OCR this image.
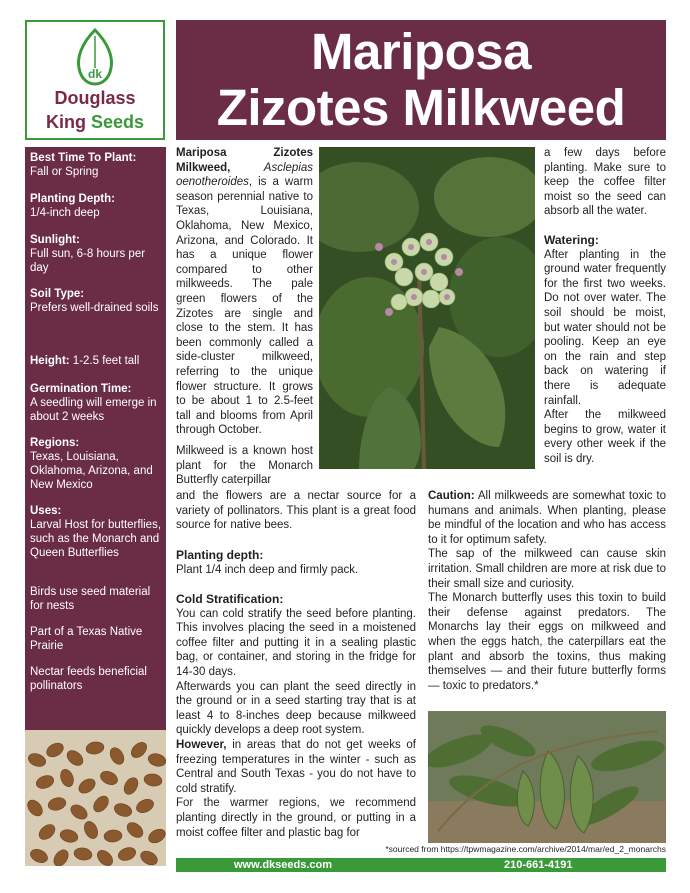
dk
Douglass
King Seeds
Mariposa
Zizotes Milkweed
Best Time To Plant:
Fall or Spring
Planting Depth:
1/4-inch deep
Sunlight:
Full sun, 6-8 hours per day
Soil Type:
Prefers well-drained soils
Height: 1-2.5 feet tall
Germination Time:
A seedling will emerge in about 2 weeks
Regions:
Texas, Louisiana, Oklahoma, Arizona, and New Mexico
Uses:
Larval Host for butterflies, such as the Monarch and Queen Butterflies
Birds use seed material for nests
Part of a Texas Native Prairie
Nectar feeds beneficial pollinators
Mariposa Zizotes Milkweed,	Asclepias oenotheroides, is a warm season perennial native to Texas, Louisiana, Oklahoma, New Mexico, Arizona, and Colorado. It has a unique flower compared to other milkweeds. The pale green flowers of the Zizotes are single and close to the stem. It has been commonly called a side-cluster milkweed, referring to the unique flower structure. It grows to be about 1 to 2.5-feet tall and blooms from April through October.
Milkweed is a known host plant for the Monarch Butterfly caterpillar
and the flowers are a nectar source for a variety of pollinators. This plant is a great food source for native bees.
Planting depth:
Plant 1/4 inch deep and firmly pack.
Cold Stratification:
You can cold stratify the seed before planting. This involves placing the seed in a moistened coffee filter and putting it in a sealing plastic bag, or container, and storing in the fridge for 14-30 days.
Afterwards you can plant the seed directly in the ground or in a seed starting tray that is at least 4 to 8-inches deep because milkweed quickly develops a deep root system.
However, in areas that do not get weeks of freezing temperatures in the winter - such as Central and South Texas - you do not have to cold stratify.
For the warmer regions, we recommend planting directly in the ground, or putting in a moist coffee filter and plastic bag for
a few days before planting. Make sure to keep the coffee filter moist so the seed can absorb all the water.
Watering:
After planting in the ground water frequently for the first two weeks. Do not over water. The soil should be moist, but water should not be pooling. Keep an eye on the rain and step back on watering if there is adequate rainfall.
After the milkweed begins to grow, water it every other week if the soil is dry.
Caution: All milkweeds are somewhat toxic to humans and animals. When planting, please be mindful of the location and who has access to it for optimum safety.
The sap of the milkweed can cause skin irritation. Small children are more at risk due to their small size and curiosity.
The Monarch butterfly uses this toxin to build their defense against predators. The Monarchs lay their eggs on milkweed and when the eggs hatch, the caterpillars eat the plant and absorb the toxins, thus making themselves — and their future butterfly forms — toxic to predators.*
*sourced from https://tpwmagazine.com/archive/2014/mar/ed_2_monarchs
www.dkseeds.com	210-661-4191
